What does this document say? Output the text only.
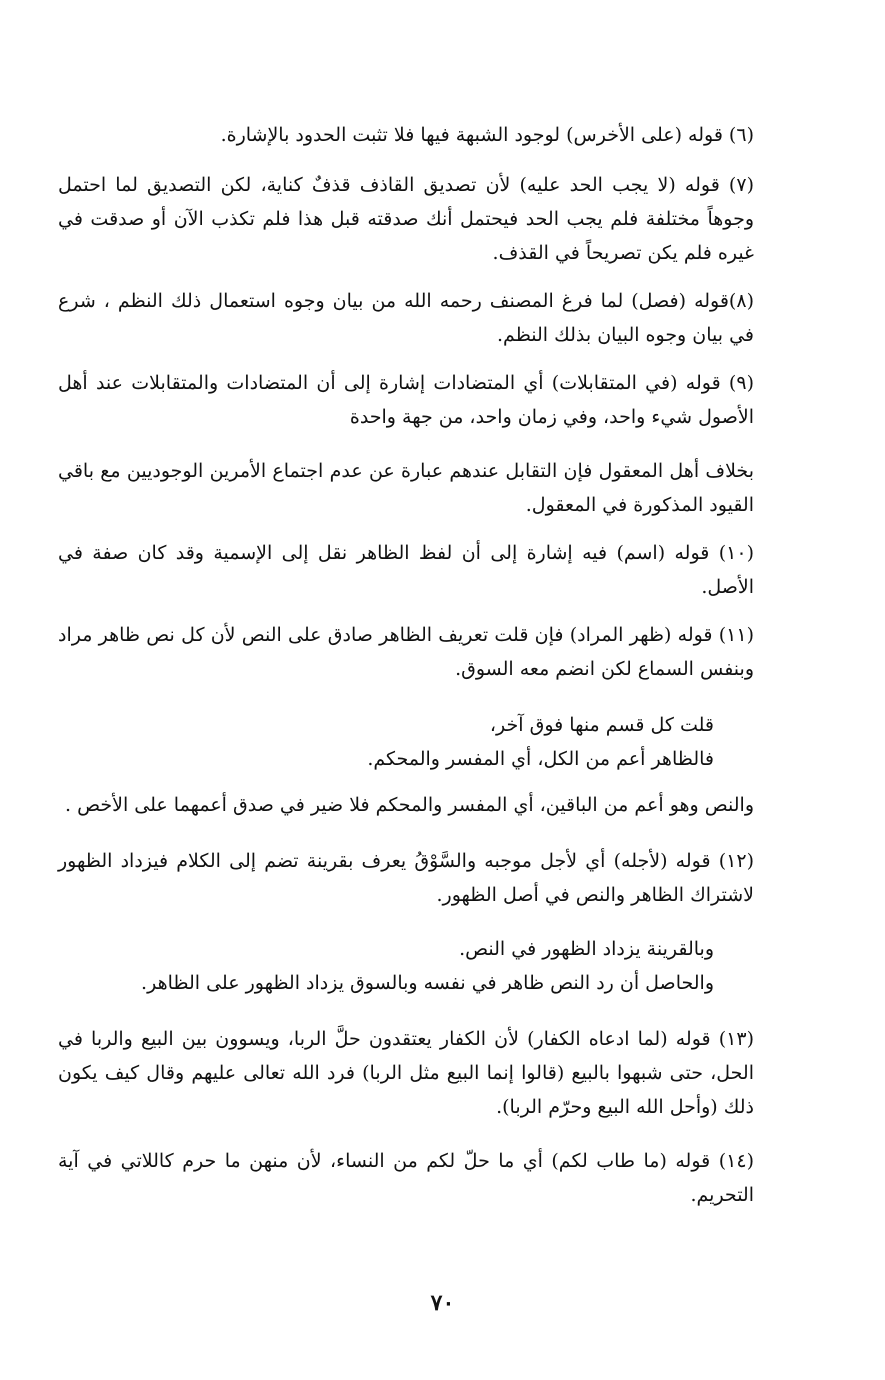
(٦) قوله (على الأخرس) لوجود الشبهة فيها فلا تثبت الحدود بالإشارة.

(٧) قوله (لا يجب الحد عليه) لأن تصديق القاذف قذفٌ كناية، لكن التصديق لما احتمل وجوهاً مختلفة فلم يجب الحد فيحتمل أنك صدقته قبل هذا فلم تكذب الآن أو صدقت في غيره فلم يكن تصريحاً في القذف.

(٨)قوله (فصل) لما فرغ المصنف رحمه الله من بيان وجوه استعمال ذلك النظم ، شرع في بيان وجوه البيان بذلك النظم.

(٩) قوله (في المتقابلات) أي المتضادات إشارة إلى أن المتضادات والمتقابلات عند أهل الأصول شيء واحد، وفي زمان واحد، من جهة واحدة

بخلاف أهل المعقول فإن التقابل عندهم عبارة عن عدم اجتماع الأمرين الوجوديين مع باقي القيود المذكورة في المعقول.

(١٠) قوله (اسم) فيه إشارة إلى أن لفظ الظاهر نقل إلى الإسمية وقد كان صفة في الأصل.

(١١) قوله (ظهر المراد) فإن قلت تعريف الظاهر صادق على النص لأن كل نص ظاهر مراد وبنفس السماع لكن انضم معه السوق.

قلت كل قسم منها فوق آخر،
فالظاهر أعم من الكل، أي المفسر والمحكم.

والنص وهو أعم من الباقين، أي المفسر والمحكم فلا ضير في صدق أعمهما على الأخص .

(١٢) قوله (لأجله) أي لأجل موجبه والسَّوْقُ يعرف بقرينة تضم إلى الكلام فيزداد الظهور لاشتراك الظاهر والنص في أصل الظهور.

وبالقرينة يزداد الظهور في النص.
والحاصل أن رد النص ظاهر في نفسه وبالسوق يزداد الظهور على الظاهر.

(١٣) قوله (لما ادعاه الكفار) لأن الكفار يعتقدون حلَّ الربا، ويسوون بين البيع والربا في الحل، حتى شبهوا بالبيع (قالوا إنما البيع مثل الربا) فرد الله تعالى عليهم وقال كيف يكون ذلك (وأحل الله البيع وحرّم الربا).

(١٤) قوله (ما طاب لكم) أي ما حلّ لكم من النساء، لأن منهن ما حرم كاللاتي في آية التحريم.

٧٠
